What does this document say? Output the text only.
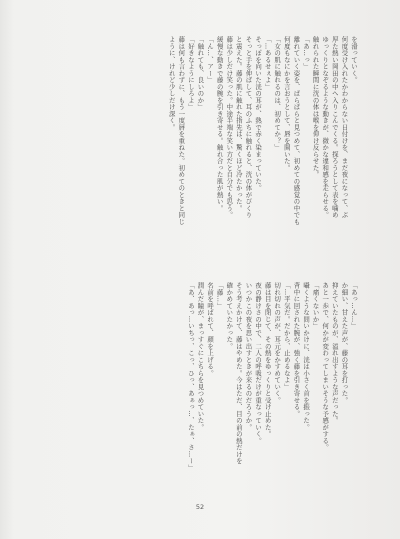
を滑っていく。

何度受け入れたかわからない日付けを、まだ夜になって、ぶ

厚た熱い岡田の中へ入りこんでくる。探ろうとして表を噛め

ゆっくりとなぞるような動きが、微かな違和感を走らせる。

触れられた瞬間に洸の体は喉を仰け反らせた。

「あ…っ」

離れていく姿を、ぱらぱらと見つめて、初めての感覚の中でも

何度もなにかを言おうとして、唇を開いた。

「女の肌に触れるのは、初めてか？」

「…あるせぇよ」

そっぽを向いた洸の耳が、熱で赤く染まっていた。

そっと手を伸ばして、耳のふちに触れると、洸の体がびくり

と震えた。藤の肌に触れた指先は、驚くほど冷たかった。

藤は少しだけ笑った。中途半端な笑い方だと自分でも思う。

緩慢な動きで藤の腕を引き寄せる。触れ合った肌が熱い。

「ん…、アー」

「触れても、良いのか」

「好きなようにしろよ」

藤は何も言わずに、もう一度唇を重ねた。初めてのときと同じ

ように、けれど少しだけ深く。

「あっ…ん…」

か細い、甘えた声が、藤の耳を打った。

抑えていたものが、溢れ出すような声だった。

あと一歩で、何かが変わってしまいそうな予感がする。

「痛くないか」

囁くような問いかけに、洸は小さく首を振った。

背中に回された腕が、強く藤を引き寄せる。

「…平気だ。だから、止めるなよ」

切れ切れの声が、耳元をかすめていく。

藤は目を閉じて、その熱をゆっくりと受け止めた。

夜の静けさの中で、二人の呼吸だけが重なっていく。

いつかこの夜を思い出すときが来るのだろうか。

そう考えかけて、藤はやめた。今はただ、目の前の熱だけを

確かめていたかった。

「藤…」

名前を呼ばれて、顔を上げる。

潤んだ瞳が、まっすぐにこちらを見つめていた。

「あ、あっ…いちっ、こっ、ひっ、あぁっ…、たぁ、さ…ー」

52
